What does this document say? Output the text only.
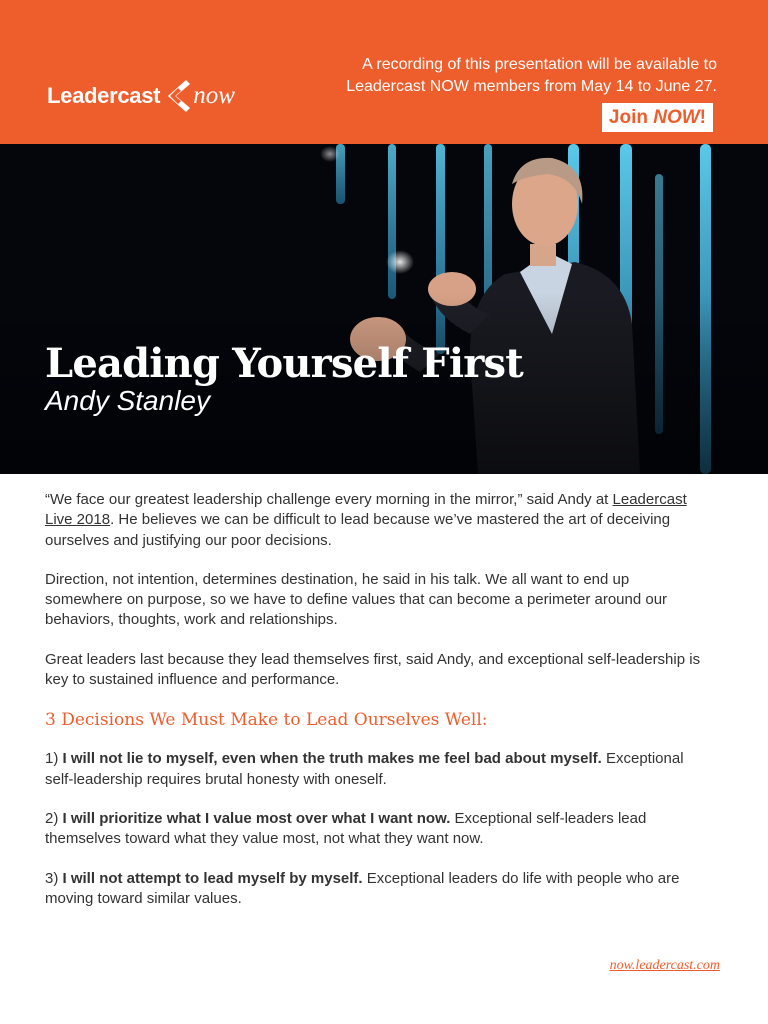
Leadercast now
A recording of this presentation will be available to
Leadercast NOW members from May 14 to June 27.
Join NOW !
Leading Yourself First
Andy Stanley

“We face our greatest leadership challenge every morning in the mirror,” said Andy at Leadercast Live 2018. He believes we can be difficult to lead because we’ve mastered the art of deceiving ourselves and justifying our poor decisions.

Direction, not intention, determines destination, he said in his talk. We all want to end up somewhere on purpose, so we have to define values that can become a perimeter around our behaviors, thoughts, work and relationships.

Great leaders last because they lead themselves first, said Andy, and exceptional self-leadership is key to sustained influence and performance.

3 Decisions We Must Make to Lead Ourselves Well:

1) I will not lie to myself, even when the truth makes me feel bad about myself. Exceptional self-leadership requires brutal honesty with oneself.

2) I will prioritize what I value most over what I want now. Exceptional self-leaders lead themselves toward what they value most, not what they want now.

3) I will not attempt to lead myself by myself. Exceptional leaders do life with people who are moving toward similar values.

now.leadercast.com
